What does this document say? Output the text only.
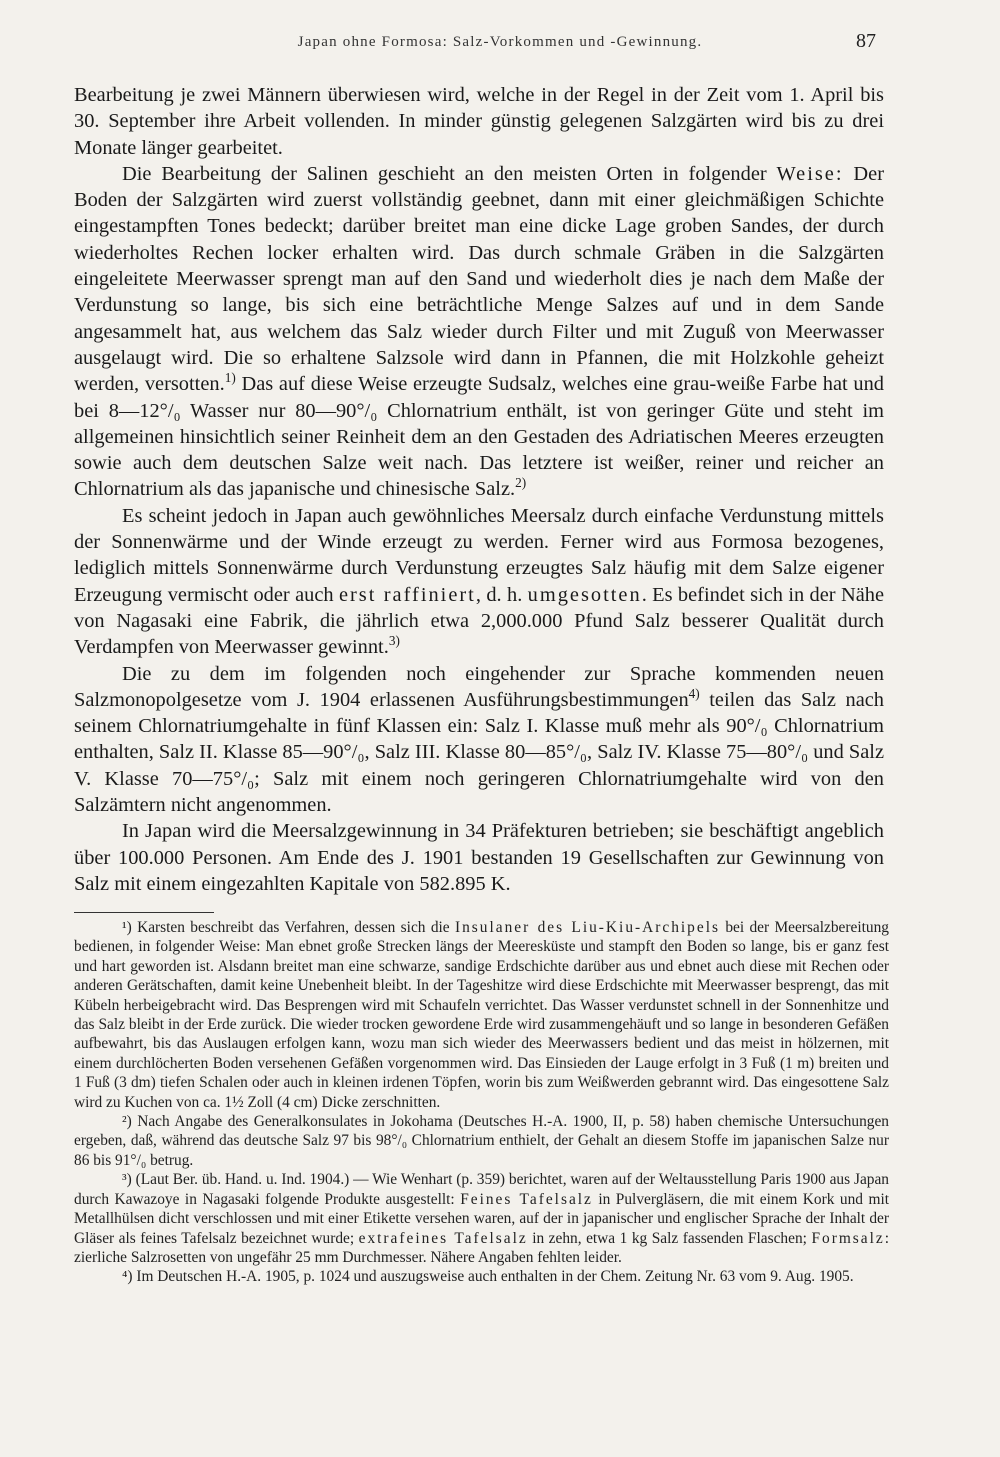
Japan ohne Formosa: Salz-Vorkommen und -Gewinnung.	87

Bearbeitung je zwei Männern überwiesen wird, welche in der Regel in der Zeit vom 1. April bis 30. September ihre Arbeit vollenden. In minder günstig gelegenen Salzgärten wird bis zu drei Monate länger gearbeitet.

Die Bearbeitung der Salinen geschieht an den meisten Orten in folgender Weise: Der Boden der Salzgärten wird zuerst vollständig geebnet, dann mit einer gleichmäßigen Schichte eingestampften Tones bedeckt; darüber breitet man eine dicke Lage groben Sandes, der durch wiederholtes Rechen locker erhalten wird. Das durch schmale Gräben in die Salzgärten eingeleitete Meerwasser sprengt man auf den Sand und wiederholt dies je nach dem Maße der Verdunstung so lange, bis sich eine beträchtliche Menge Salzes auf und in dem Sande angesammelt hat, aus welchem das Salz wieder durch Filter und mit Zuguß von Meerwasser ausgelaugt wird. Die so erhaltene Salzsole wird dann in Pfannen, die mit Holzkohle geheizt werden, versotten.$^{1)}$ Das auf diese Weise erzeugte Sudsalz, welches eine grau-weiße Farbe hat und bei 8—12°/₀ Wasser nur 80—90°/₀ Chlornatrium enthält, ist von geringer Güte und steht im allgemeinen hinsichtlich seiner Reinheit dem an den Gestaden des Adriatischen Meeres erzeugten sowie auch dem deutschen Salze weit nach. Das letztere ist weißer, reiner und reicher an Chlornatrium als das japanische und chinesische Salz.$^{2)}$

Es scheint jedoch in Japan auch gewöhnliches Meersalz durch einfache Verdunstung mittels der Sonnenwärme und der Winde erzeugt zu werden. Ferner wird aus Formosa bezogenes, lediglich mittels Sonnenwärme durch Verdunstung erzeugtes Salz häufig mit dem Salze eigener Erzeugung vermischt oder auch erst raffiniert, d. h. umgesotten. Es befindet sich in der Nähe von Nagasaki eine Fabrik, die jährlich etwa 2,000.000 Pfund Salz besserer Qualität durch Verdampfen von Meerwasser gewinnt.$^{3)}$

Die zu dem im folgenden noch eingehender zur Sprache kommenden neuen Salzmonopolgesetze vom J. 1904 erlassenen Ausführungsbestimmungen$^{4)}$ teilen das Salz nach seinem Chlornatriumgehalte in fünf Klassen ein: Salz I. Klasse muß mehr als 90°/₀ Chlornatrium enthalten, Salz II. Klasse 85—90°/₀, Salz III. Klasse 80—85°/₀, Salz IV. Klasse 75—80°/₀ und Salz V. Klasse 70—75°/₀; Salz mit einem noch geringeren Chlornatriumgehalte wird von den Salzämtern nicht angenommen.

In Japan wird die Meersalzgewinnung in 34 Präfekturen betrieben; sie beschäftigt angeblich über 100.000 Personen. Am Ende des J. 1901 bestanden 19 Gesellschaften zur Gewinnung von Salz mit einem eingezahlten Kapitale von 582.895 K.

¹) Karsten beschreibt das Verfahren, dessen sich die Insulaner des Liu-Kiu-Archipels bei der Meersalzbereitung bedienen, in folgender Weise: Man ebnet große Strecken längs der Meeresküste und stampft den Boden so lange, bis er ganz fest und hart geworden ist. Alsdann breitet man eine schwarze, sandige Erdschichte darüber aus und ebnet auch diese mit Rechen oder anderen Gerätschaften, damit keine Unebenheit bleibt. In der Tageshitze wird diese Erdschichte mit Meerwasser besprengt, das mit Kübeln herbeigebracht wird. Das Besprengen wird mit Schaufeln verrichtet. Das Wasser verdunstet schnell in der Sonnenhitze und das Salz bleibt in der Erde zurück. Die wieder trocken gewordene Erde wird zusammengehäuft und so lange in besonderen Gefäßen aufbewahrt, bis das Auslaugen erfolgen kann, wozu man sich wieder des Meerwassers bedient und das meist in hölzernen, mit einem durchlöcherten Boden versehenen Gefäßen vorgenommen wird. Das Einsieden der Lauge erfolgt in 3 Fuß (1 m) breiten und 1 Fuß (3 dm) tiefen Schalen oder auch in kleinen irdenen Töpfen, worin bis zum Weißwerden gebrannt wird. Das eingesottene Salz wird zu Kuchen von ca. 1½ Zoll (4 cm) Dicke zerschnitten.

²) Nach Angabe des Generalkonsulates in Jokohama (Deutsches H.-A. 1900, II, p. 58) haben chemische Untersuchungen ergeben, daß, während das deutsche Salz 97 bis 98°/₀ Chlornatrium enthielt, der Gehalt an diesem Stoffe im japanischen Salze nur 86 bis 91°/₀ betrug.

³) (Laut Ber. üb. Hand. u. Ind. 1904.) — Wie Wenhart (p. 359) berichtet, waren auf der Weltausstellung Paris 1900 aus Japan durch Kawazoye in Nagasaki folgende Produkte ausgestellt: Feines Tafelsalz in Pulvergläsern, die mit einem Kork und mit Metallhülsen dicht verschlossen und mit einer Etikette versehen waren, auf der in japanischer und englischer Sprache der Inhalt der Gläser als feines Tafelsalz bezeichnet wurde; extrafeines Tafelsalz in zehn, etwa 1 kg Salz fassenden Flaschen; Formsalz: zierliche Salzrosetten von ungefähr 25 mm Durchmesser. Nähere Angaben fehlten leider.

⁴) Im Deutschen H.-A. 1905, p. 1024 und auszugsweise auch enthalten in der Chem. Zeitung Nr. 63 vom 9. Aug. 1905.
